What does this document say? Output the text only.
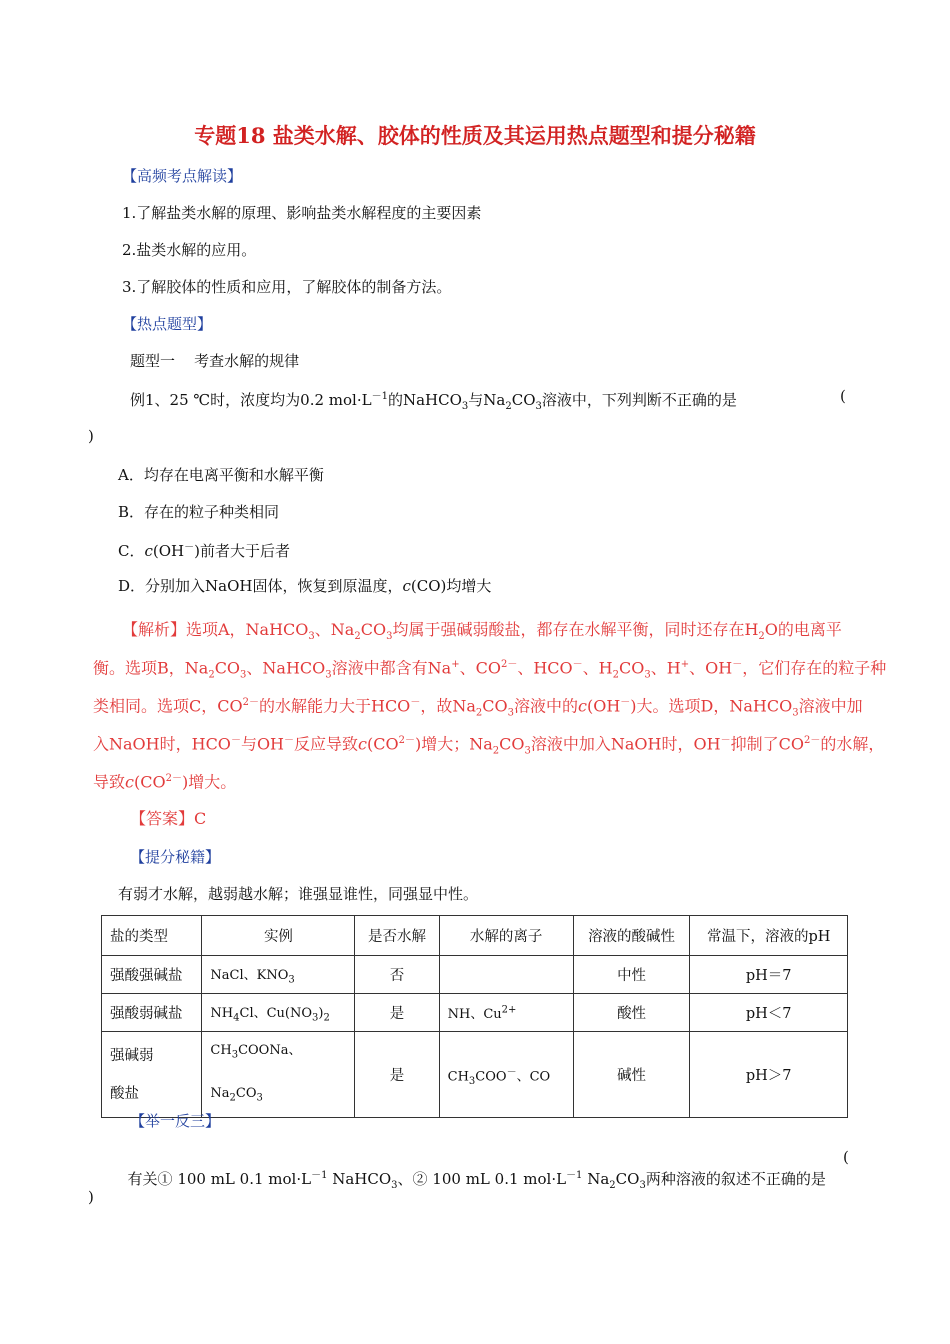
专题18 盐类水解、胶体的性质及其运用热点题型和提分秘籍
【高频考点解读】
1.了解盐类水解的原理、影响盐类水解程度的主要因素
2.盐类水解的应用。
3.了解胶体的性质和应用，了解胶体的制备方法。
【热点题型】
题型一    考查水解的规律
例1、25 ℃时，浓度均为0.2 $mol\cdot L^{-1}$的NaHCO$_3$与$Na_2CO_3$溶液中，下列判断不正确的是	(
)
A．均存在电离平衡和水解平衡
B．存在的粒子种类相同
C．c(OH－)前者大于后者
D．分别加入NaOH固体，恢复到原温度，c(CO)均增大
【解析】选项A，NaHCO$_3$、$Na_2CO_3$均属于强碱弱酸盐，都存在水解平衡，同时还存在$H_2O$的电离平
衡。选项B，$Na_2CO_3$、NaHCO$_3$溶液中都含有Na+、$CO^{2-}$、HCO－、$H_2CO_3$、H+、OH－，它们存在的粒子种
类相同。选项C，$CO^{2-}$的水解能力大于HCO－，故$Na_2CO_3$溶液中的c(OH－)大。选项D，NaHCO$_3$溶液中加
入NaOH时，HCO－与OH－反应导致$c(CO^{2-})$增大；$Na_2CO_3$溶液中加入NaOH时，OH－抑制了$CO^{2-}$的水解，
导致$c(CO^{2-})$增大。
【答案】C
【提分秘籍】
有弱才水解，越弱越水解；谁强显谁性，同强显中性。
盐的类型	实例	是否水解	水解的离子	溶液的酸碱性	常温下，溶液的pH
强酸强碱盐	NaCl、$KNO_3$	否		中性	pH＝7
强酸弱碱盐	$NH_4Cl$、$Cu(NO_3)_2$	是	NH、$Cu^{2+}$	酸性	pH＜7
强碱弱
酸盐	$CH_3COONa$、
$Na_2CO_3$	是	$CH_3COO^-$、CO	碱性	pH＞7
【举一反三】

有关① 100 mL 0.1 $mol\cdot L^{-1}$ NaHCO$_3$、② 100 mL 0.1 $mol\cdot L^{-1}$ $Na_2CO_3$两种溶液的叙述不正确的是

(
)
